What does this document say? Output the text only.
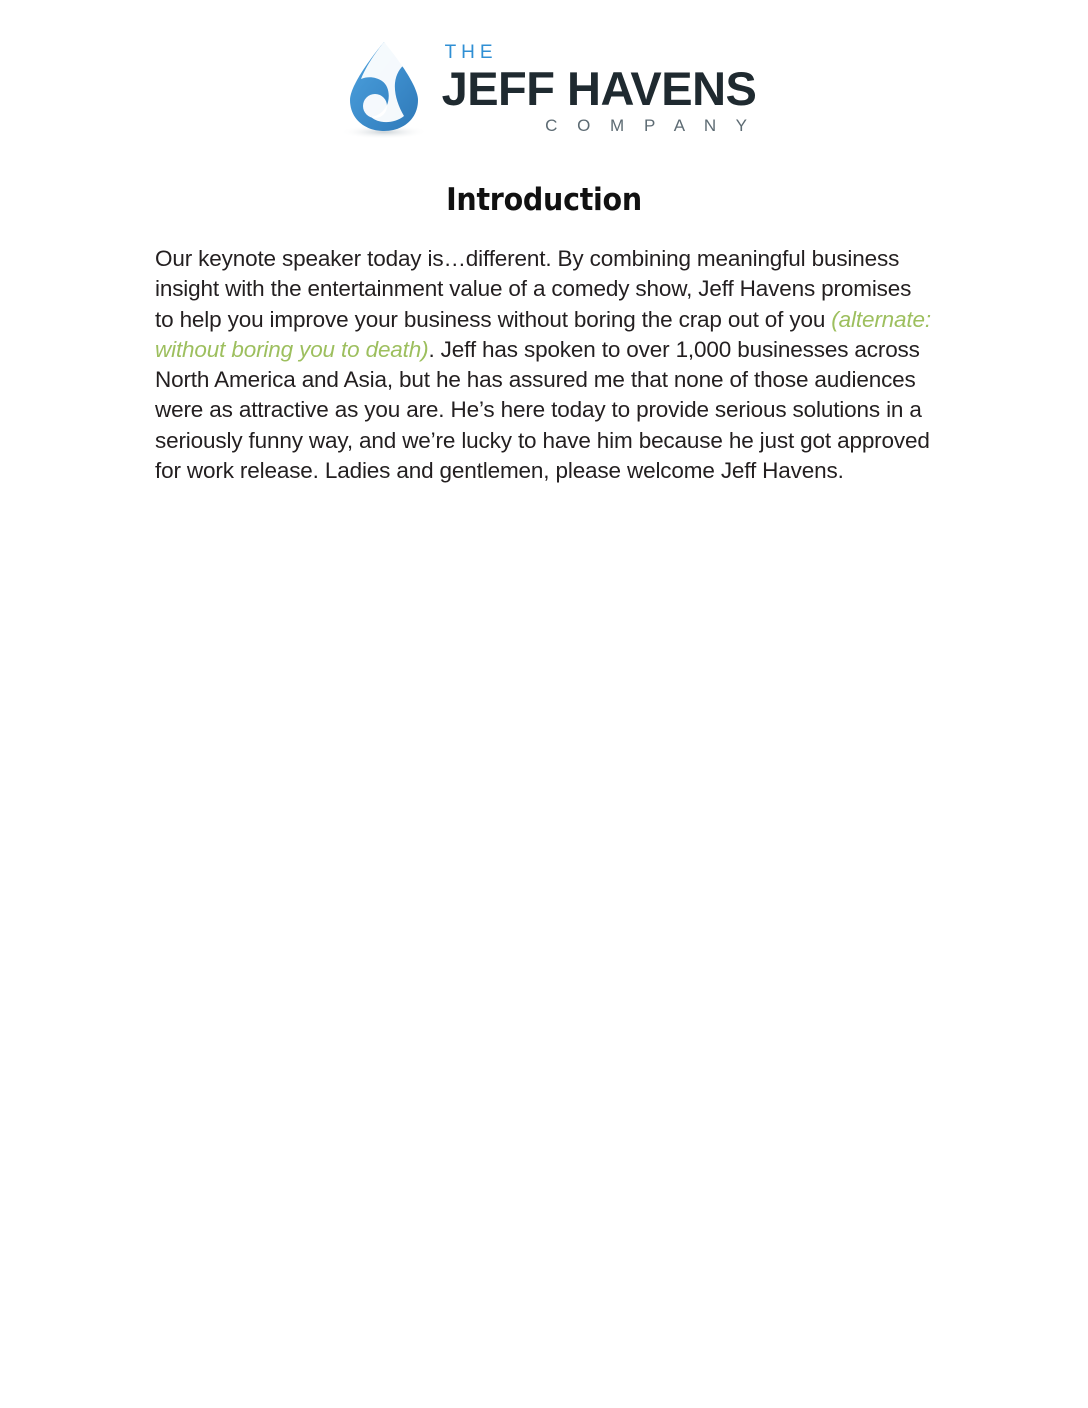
THE
JEFF HAVENS
C O M P A N Y
Introduction

Our keynote speaker today is…different. By combining meaningful business insight with the entertainment value of a comedy show, Jeff Havens promises to help you improve your business without boring the crap out of you (alternate: without boring you to death). Jeff has spoken to over 1,000 businesses across North America and Asia, but he has assured me that none of those audiences were as attractive as you are. He’s here today to provide serious solutions in a seriously funny way, and we’re lucky to have him because he just got approved for work release. Ladies and gentlemen, please welcome Jeff Havens.
